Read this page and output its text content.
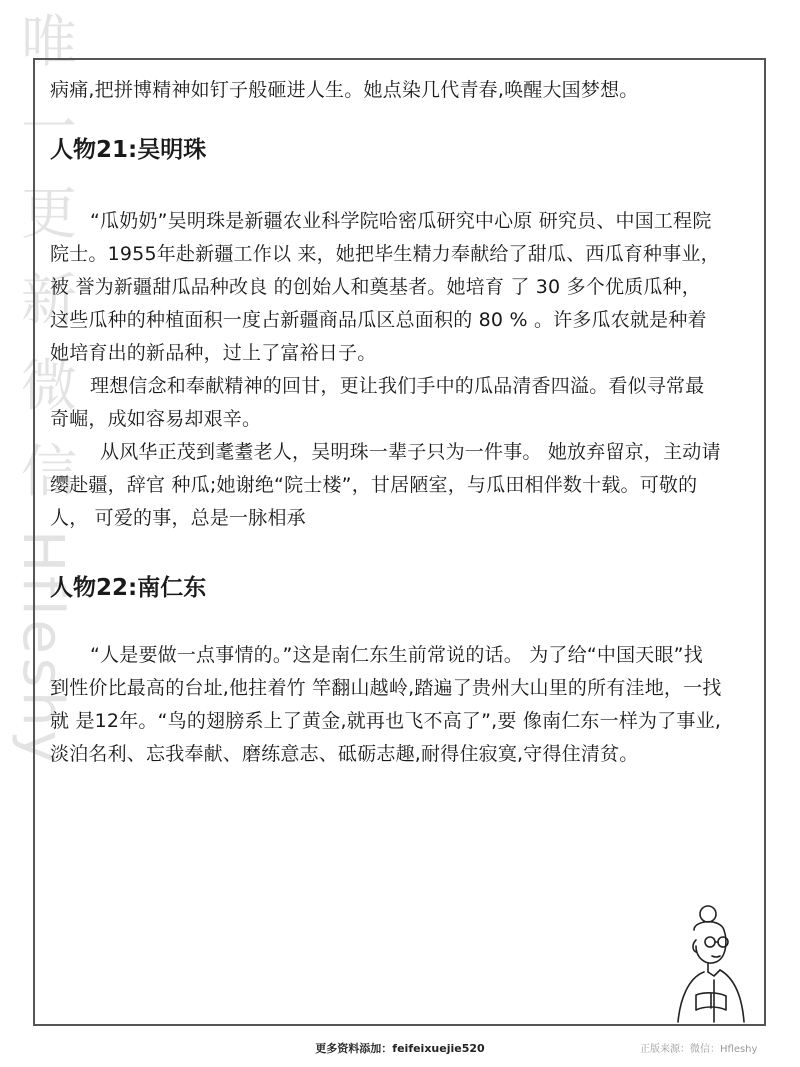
唯
一
更
新
微
信
Hfleshy
病痛,把拼博精神如钉子般砸进人生。她点染几代青春,唤醒大国梦想。
人物21:吴明珠
“瓜奶奶”吴明珠是新疆农业科学院哈密瓜研究中心原 研究员、中国工程院
院士。1955年赴新疆工作以 来，她把毕生精力奉献给了甜瓜、西瓜育种事业，
被 誉为新疆甜瓜品种改良 的创始人和奠基者。她培育 了 30 多个优质瓜种，
这些瓜种的种植面积一度占新疆商品瓜区总面积的 80 % 。许多瓜农就是种着
她培育出的新品种，过上了富裕日子。
理想信念和奉献精神的回甘，更让我们手中的瓜品清香四溢。看似寻常最
奇崛，成如容易却艰辛。
从风华正茂到耄耋老人，吴明珠一辈子只为一件事。 她放弃留京，主动请
缨赴疆，辞官 种瓜;她谢绝“院士楼”，甘居陋室，与瓜田相伴数十载。可敬的
人， 可爱的事，总是一脉相承
人物22:南仁东
“人是要做一点事情的。”这是南仁东生前常说的话。 为了给“中国天眼”找
到性价比最高的台址,他拄着竹 竿翻山越岭,踏遍了贵州大山里的所有洼地，一找
就 是12年。“鸟的翅膀系上了黄金,就再也飞不高了”,要 像南仁东一样为了事业,
淡泊名利、忘我奉献、磨练意志、砥砺志趣,耐得住寂寞,守得住清贫。
更多资料添加：feifeixuejie520	正版来源：微信：Hfleshy
